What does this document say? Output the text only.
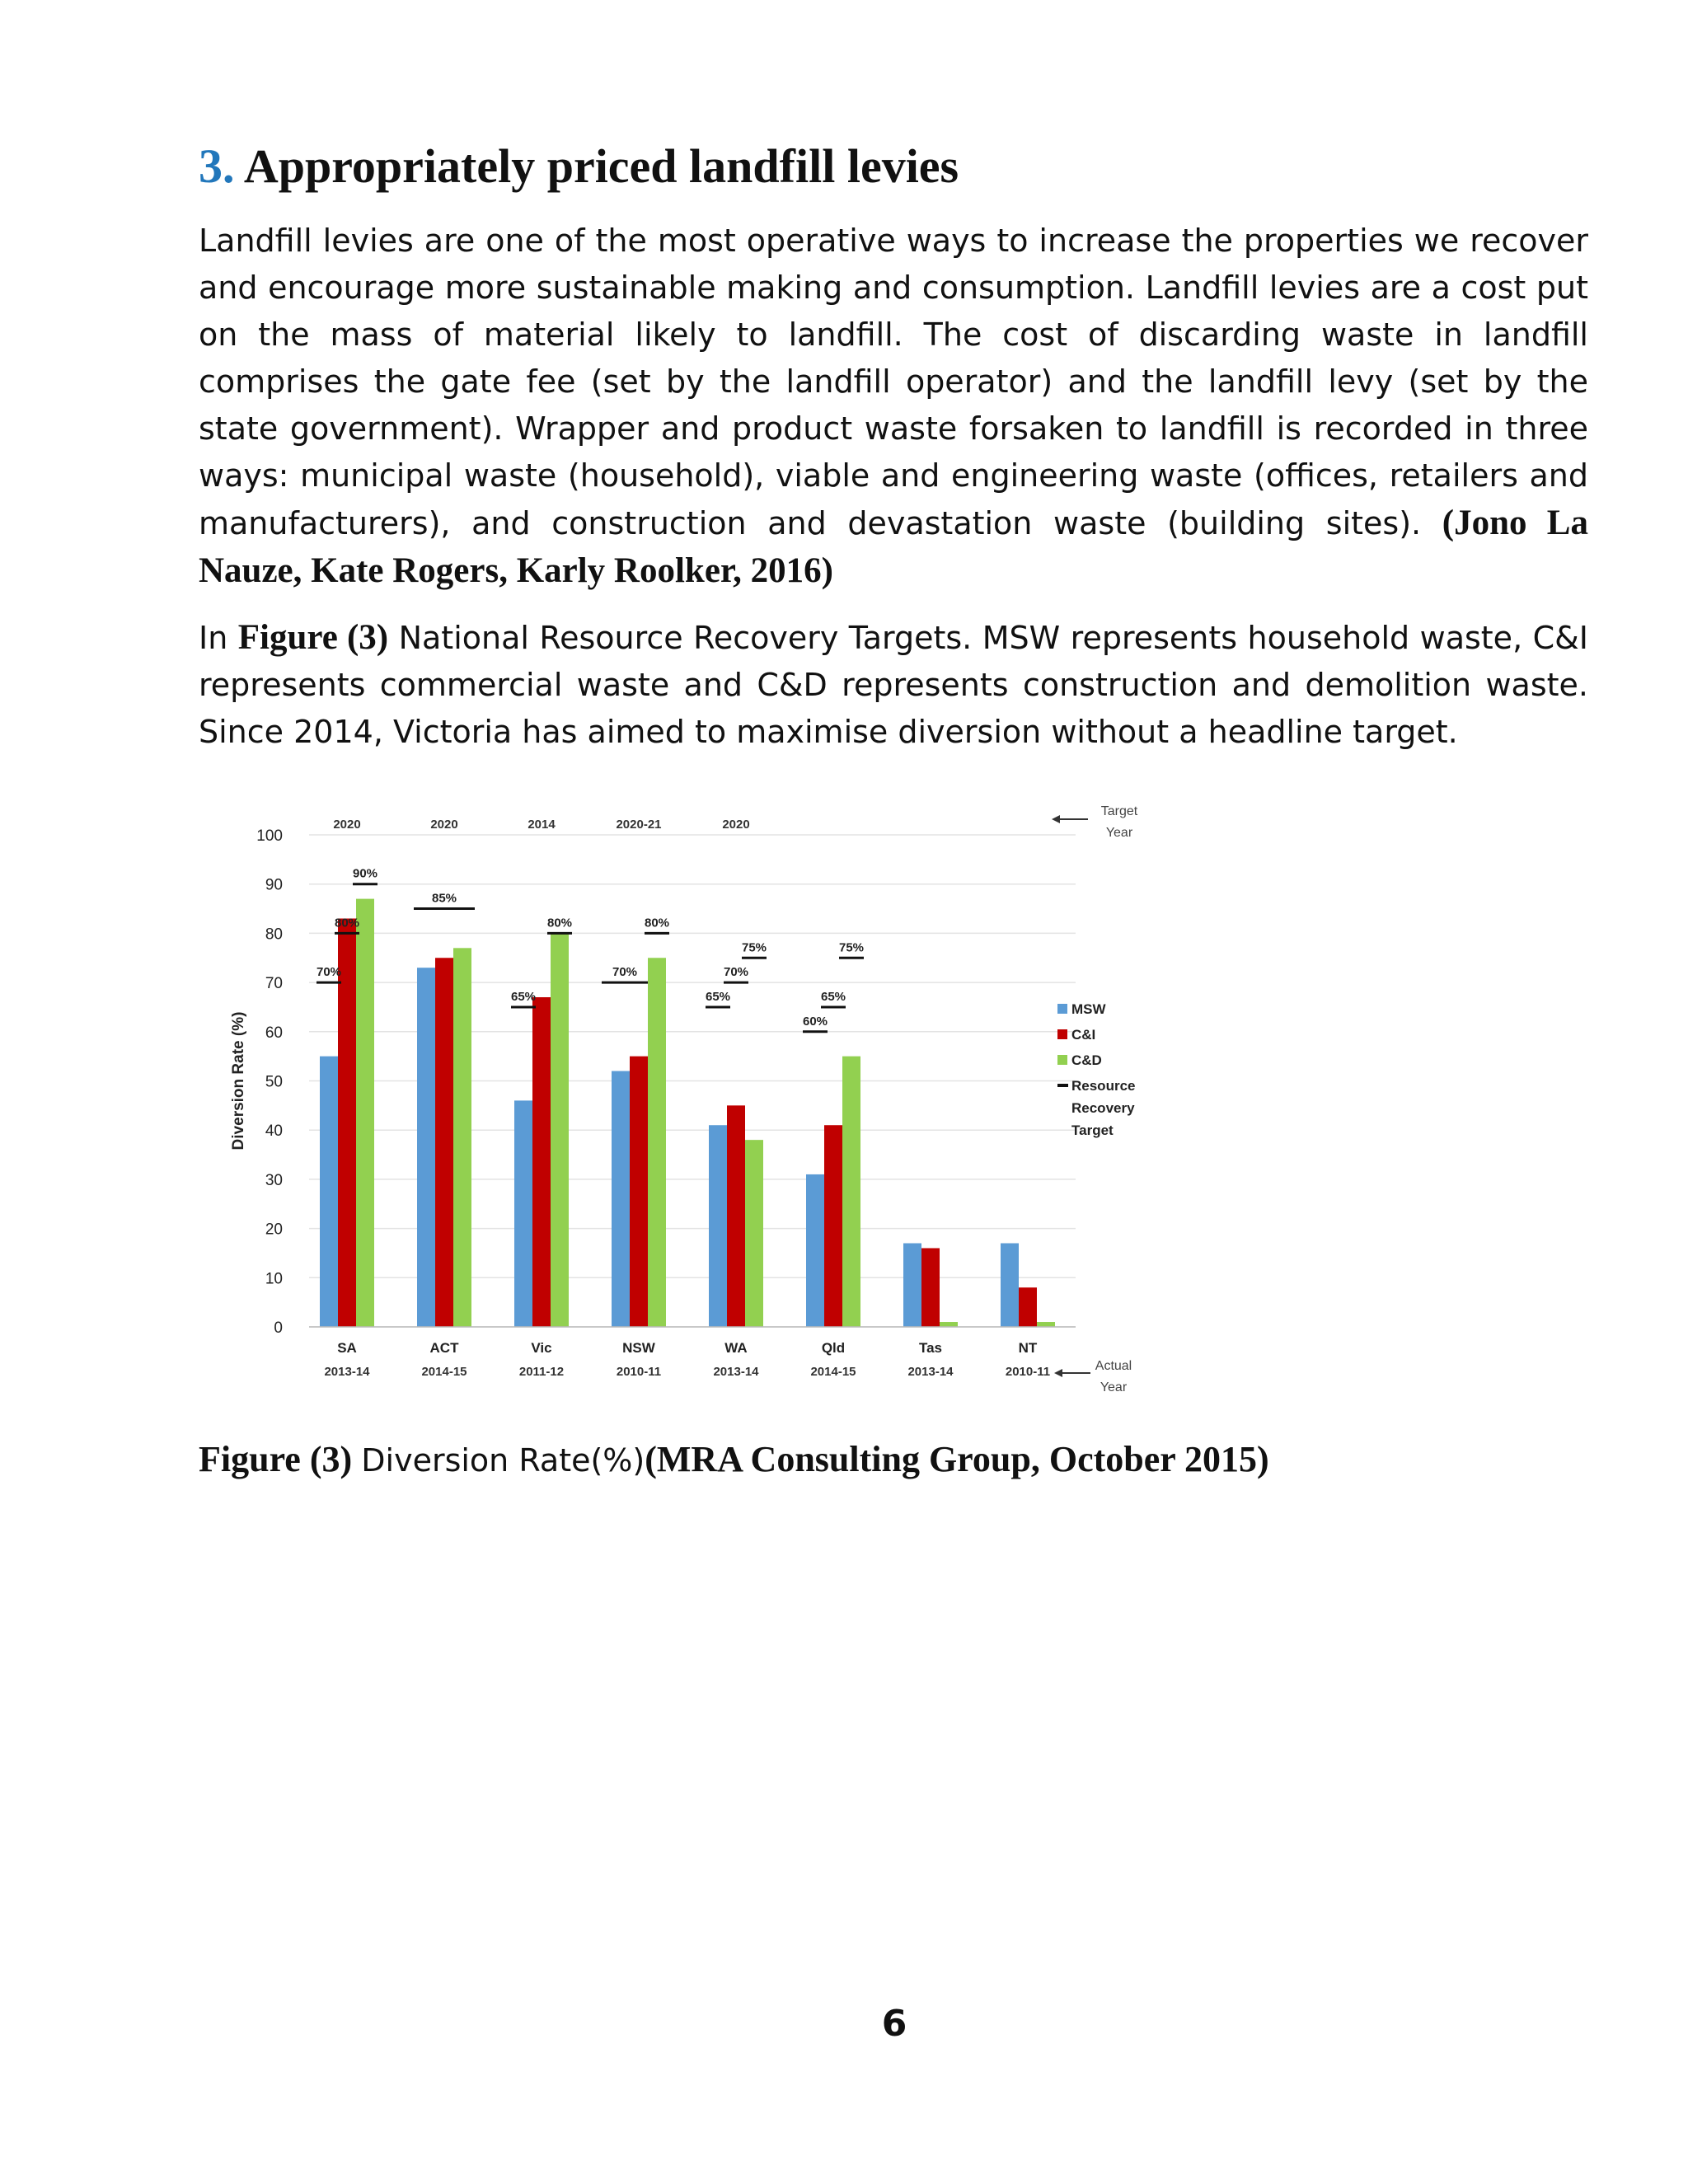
3. Appropriately priced landfill levies
Landfill levies are one of the most operative ways to increase the properties we recover and encourage more sustainable making and consumption. Landfill levies are a cost put on the mass of material likely to landfill. The cost of discarding waste in landfill comprises the gate fee (set by the landfill operator) and the landfill levy (set by the state government). Wrapper and product waste forsaken to landfill is recorded in three ways: municipal waste (household), viable and engineering waste (offices, retailers and manufacturers), and construction and devastation waste (building sites). (Jono La Nauze, Kate Rogers, Karly Roolker, 2016)
In Figure (3) National Resource Recovery Targets. MSW represents household waste, C&I represents commercial waste and C&D represents construction and demolition waste. Since 2014, Victoria has aimed to maximise diversion without a headline target.
0
10
20
30
40
50
60
70
80
90
100
Diversion Rate (%)
70%
80%
90%
85%
65%
80%
70%
80%
65%
70%
75%
60%
65%
75%
SA
2013-14
2020
ACT
2014-15
2020
Vic
2011-12
2014
NSW
2010-11
2020-21
WA
2013-14
2020
Qld
2014-15
Tas
2013-14
NT
2010-11
Target
Year
Actual
Year
MSW
C&I
C&D
Resource
Recovery
Target
Figure (3) Diversion Rate(%)(MRA Consulting Group, October 2015)
6
